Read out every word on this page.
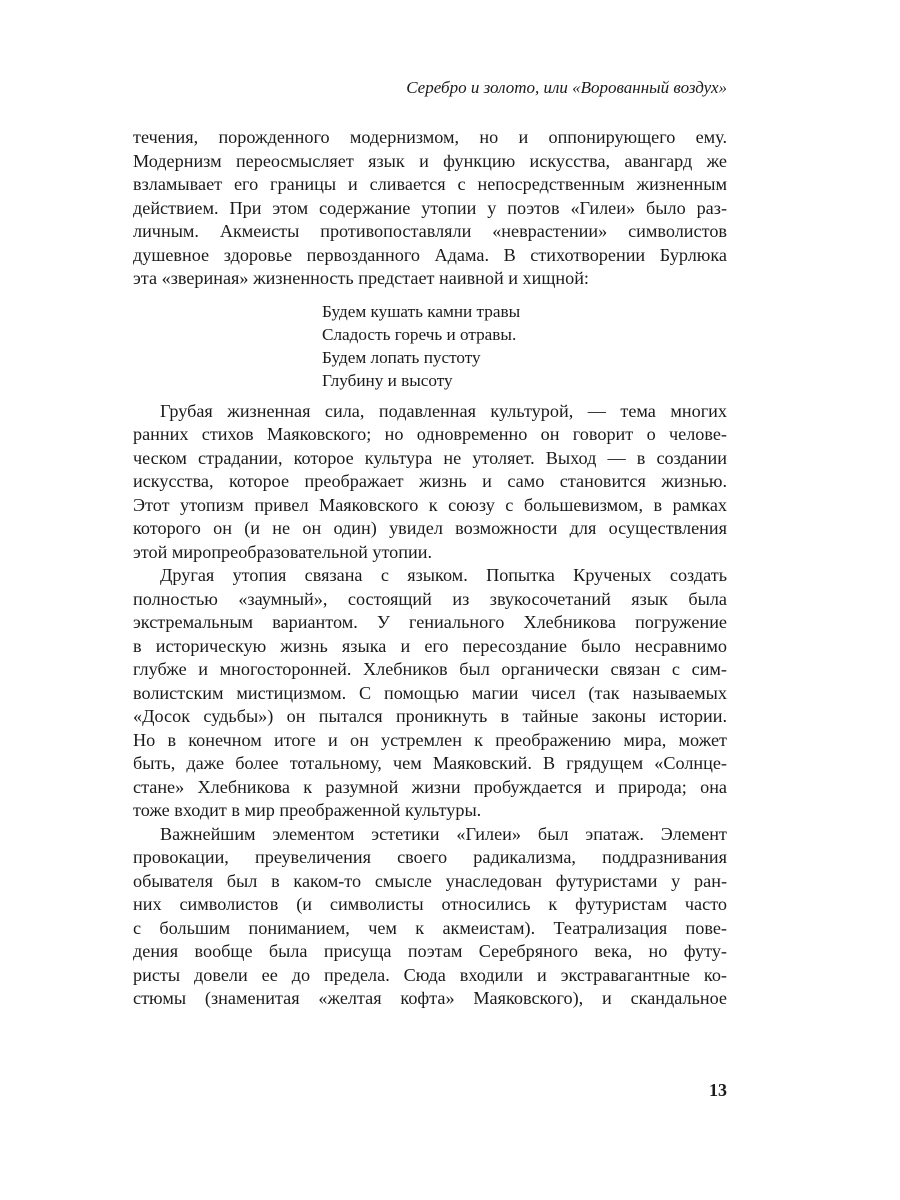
Серебро и золото, или «Ворованный воздух»
течения, порожденного модернизмом, но и оппонирующего ему.
Модернизм переосмысляет язык и функцию искусства, авангард же
взламывает его границы и сливается с непосредственным жизненным
действием. При этом содержание утопии у поэтов «Гилеи» было раз-
личным. Акмеисты противопоставляли «неврастении» символистов
душевное здоровье первозданного Адама. В стихотворении Бурлюка
эта «звериная» жизненность предстает наивной и хищной:
Будем кушать камни травы
Сладость горечь и отравы.
Будем лопать пустоту
Глубину и высоту
Грубая жизненная сила, подавленная культурой, — тема многих
ранних стихов Маяковского; но одновременно он говорит о челове-
ческом страдании, которое культура не утоляет. Выход — в создании
искусства, которое преображает жизнь и само становится жизнью.
Этот утопизм привел Маяковского к союзу с большевизмом, в рамках
которого он (и не он один) увидел возможности для осуществления
этой миропреобразовательной утопии.
Другая утопия связана с языком. Попытка Крученых создать
полностью «заумный», состоящий из звукосочетаний язык была
экстремальным вариантом. У гениального Хлебникова погружение
в историческую жизнь языка и его пересоздание было несравнимо
глубже и многосторонней. Хлебников был органически связан с сим-
волистским мистицизмом. С помощью магии чисел (так называемых
«Досок судьбы») он пытался проникнуть в тайные законы истории.
Но в конечном итоге и он устремлен к преображению мира, может
быть, даже более тотальному, чем Маяковский. В грядущем «Солнце-
стане» Хлебникова к разумной жизни пробуждается и природа; она
тоже входит в мир преображенной культуры.
Важнейшим элементом эстетики «Гилеи» был эпатаж. Элемент
провокации, преувеличения своего радикализма, поддразнивания
обывателя был в каком-то смысле унаследован футуристами у ран-
них символистов (и символисты относились к футуристам часто
с большим пониманием, чем к акмеистам). Театрализация пове-
дения вообще была присуща поэтам Серебряного века, но футу-
ристы довели ее до предела. Сюда входили и экстравагантные ко-
стюмы (знаменитая «желтая кофта» Маяковского), и скандальное
13
